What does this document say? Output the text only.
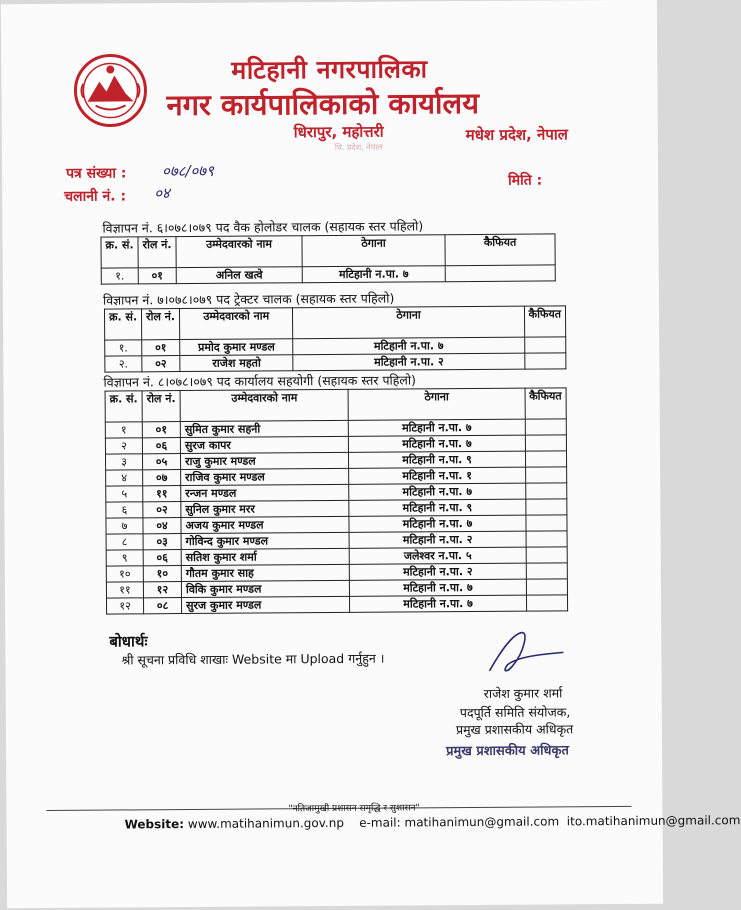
मटिहानी नगरपालिका
नगर कार्यपालिकाको कार्यालय
धिरापुर, महोत्तरी	मधेश प्रदेश, नेपाल
धि. प्रदेश, नेपाल
पत्र संख्या : ०७८/०७९
चलानी नं. : ०४
मिति :
विज्ञापन नं. ६।०७८।०७९ पद वैक होलोडर चालक (सहायक स्तर पहिलो)
क्र. सं.	रोल नं.	उम्मेदवारको नाम	ठेगाना	कैफियत
१.	०१	अनिल खत्वे	मटिहानी न.पा. ७	
विज्ञापन नं. ७।०७८।०७९ पद ट्रेक्टर चालक (सहायक स्तर पहिलो)
क्र. सं.	रोल नं.	उम्मेदवारको नाम	ठेगाना	कैफियत
१.	०१	प्रमोद कुमार मण्डल	मटिहानी न.पा. ७	
२.	०२	राजेश महतो	मटिहानी न.पा. २	
विज्ञापन नं. ८।०७८।०७९ पद कार्यालय सहयोगी (सहायक स्तर पहिलो)
क्र. सं.	रोल नं.	उम्मेदवारको नाम	ठेगाना	कैफियत
१	०१	सुमित कुमार सहनी	मटिहानी न.पा. ७	
२	०६	सुरज कापर	मटिहानी न.पा. ७	
३	०५	राजु कुमार मण्डल	मटिहानी न.पा. ९	
४	०७	राजिव कुमार मण्डल	मटिहानी न.पा. १	
५	११	रन्जन मण्डल	मटिहानी न.पा. ७	
६	०२	सुनिल कुमार मरर	मटिहानी न.पा. ९	
७	०४	अजय कुमार मण्डल	मटिहानी न.पा. ७	
८	०३	गोविन्द कुमार मण्डल	मटिहानी न.पा. २	
९	०६	सतिश कुमार शर्मा	जलेश्वर न.पा. ५	
१०	१०	गौतम कुमार साह	मटिहानी न.पा. २	
११	१२	विकि कुमार मण्डल	मटिहानी न.पा. ७	
१२	०८	सुरज कुमार मण्डल	मटिहानी न.पा. ७	
बोधार्थः
श्री सूचना प्रविधि शाखाः Website मा Upload गर्नुहुन ।
राजेश कुमार शर्मा
पदपूर्ति समिति संयोजक,
प्रमुख प्रशासकीय अधिकृत
प्रमुख प्रशासकीय अधिकृत
"नतिजामुखी प्रशासन समृद्धि र सुशासन"
Website: www.matihanimun.gov.np e-mail: matihanimun@gmail.com ito.matihanimun@gmail.com
